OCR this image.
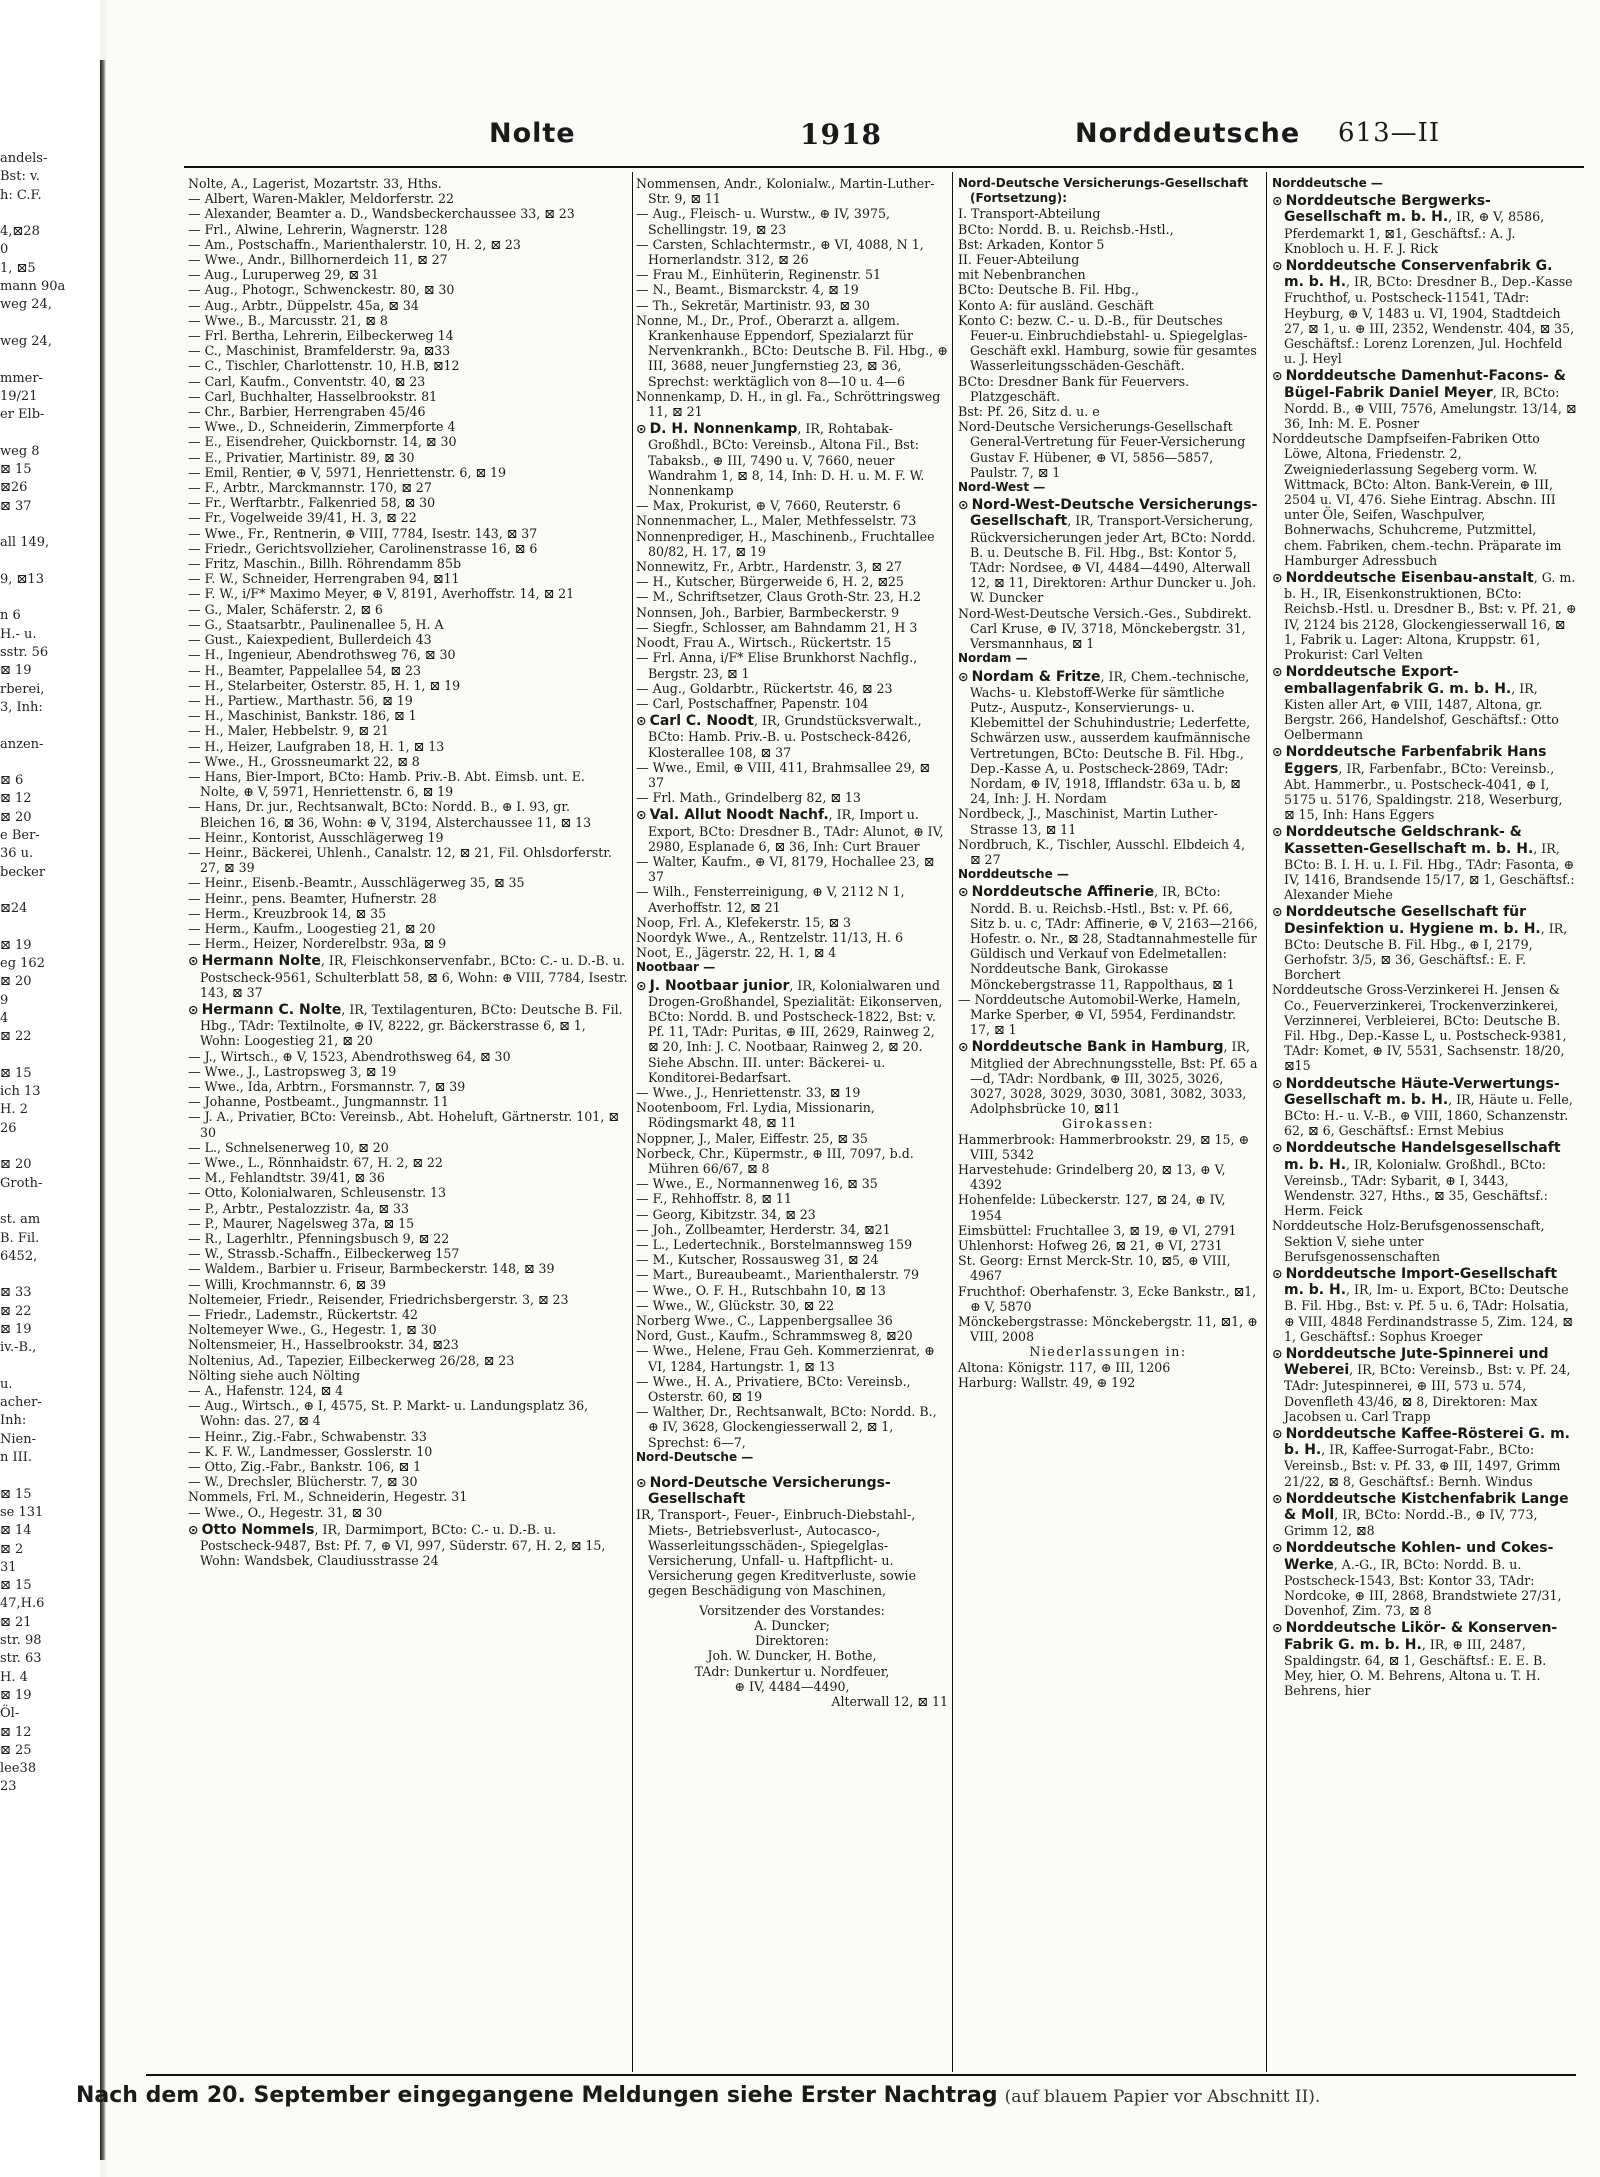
andels-
Bst: v.
h: C.F.
4,⊠28
0
1, ⊠5
mann 90a
weg 24,
weg 24,
mmer-
19/21
er Elb-
weg 8
⊠ 15
⊠26
⊠ 37
all 149,
9, ⊠13
n 6
H.- u.
sstr. 56
⊠ 19
rberei,
3, Inh:
anzen-
⊠ 6
⊠ 12
⊠ 20
e Ber-
36 u.
becker
⊠24
⊠ 19
eg 162
⊠ 20
9
4
⊠ 22
⊠ 15
ich 13
H. 2
26
⊠ 20
Groth-
st. am
B. Fil.
6452,
⊠ 33
⊠ 22
⊠ 19
iv.-B.,
u.
acher-
Inh:
Nien-
n III.
⊠ 15
se 131
⊠ 14
⊠ 2
31
⊠ 15
47,H.6
⊠ 21
str. 98
str. 63
H. 4
⊠ 19
Öl-
⊠ 12
⊠ 25
lee38
23
Nolte	1918	Norddeutsche 613—II
Nolte, A., Lagerist, Mozartstr. 33, Hths.
— Albert, Waren-Makler, Meldorferstr. 22
— Alexander, Beamter a. D., Wandsbeckerchaussee 33, ⊠ 23
— Frl., Alwine, Lehrerin, Wagnerstr. 128
— Am., Postschaffn., Marienthalerstr. 10, H. 2, ⊠ 23
— Wwe., Andr., Billhornerdeich 11, ⊠ 27
— Aug., Luruperweg 29, ⊠ 31
— Aug., Photogr., Schwenckestr. 80, ⊠ 30
— Aug., Arbtr., Düppelstr. 45a, ⊠ 34
— Wwe., B., Marcusstr. 21, ⊠ 8
— Frl. Bertha, Lehrerin, Eilbeckerweg 14
— C., Maschinist, Bramfelderstr. 9a, ⊠33
— C., Tischler, Charlottenstr. 10, H.B, ⊠12
— Carl, Kaufm., Conventstr. 40, ⊠ 23
— Carl, Buchhalter, Hasselbrookstr. 81
— Chr., Barbier, Herrengraben 45/46
— Wwe., D., Schneiderin, Zimmerpforte 4
— E., Eisendreher, Quickbornstr. 14, ⊠ 30
— E., Privatier, Martinistr. 89, ⊠ 30
— Emil, Rentier, ⊕ V, 5971, Henriettenstr. 6, ⊠ 19
— F., Arbtr., Marckmannstr. 170, ⊠ 27
— Fr., Werftarbtr., Falkenried 58, ⊠ 30
— Fr., Vogelweide 39/41, H. 3, ⊠ 22
— Wwe., Fr., Rentnerin, ⊕ VIII, 7784, Isestr. 143, ⊠ 37
— Friedr., Gerichtsvollzieher, Carolinenstrasse 16, ⊠ 6
— Fritz, Maschin., Billh. Röhrendamm 85b
— F. W., Schneider, Herrengraben 94, ⊠11
— F. W., i/F* Maximo Meyer, ⊕ V, 8191, Averhoffstr. 14, ⊠ 21
— G., Maler, Schäferstr. 2, ⊠ 6
— G., Staatsarbtr., Paulinenallee 5, H. A
— Gust., Kaiexpedient, Bullerdeich 43
— H., Ingenieur, Abendrothsweg 76, ⊠ 30
— H., Beamter, Pappelallee 54, ⊠ 23
— H., Stelarbeiter, Osterstr. 85, H. 1, ⊠ 19
— H., Partiew., Marthastr. 56, ⊠ 19
— H., Maschinist, Bankstr. 186, ⊠ 1
— H., Maler, Hebbelstr. 9, ⊠ 21
— H., Heizer, Laufgraben 18, H. 1, ⊠ 13
— Wwe., H., Grossneumarkt 22, ⊠ 8
— Hans, Bier-Import, BCto: Hamb. Priv.-B. Abt. Eimsb. unt. E. Nolte, ⊕ V, 5971, Henriettenstr. 6, ⊠ 19
— Hans, Dr. jur., Rechtsanwalt, BCto: Nordd. B., ⊕ I. 93, gr. Bleichen 16, ⊠ 36, Wohn: ⊕ V, 3194, Alsterchaussee 11, ⊠ 13
— Heinr., Kontorist, Ausschlägerweg 19
— Heinr., Bäckerei, Uhlenh., Canalstr. 12, ⊠ 21, Fil. Ohlsdorferstr. 27, ⊠ 39
— Heinr., Eisenb.-Beamtr., Ausschlägerweg 35, ⊠ 35
— Heinr., pens. Beamter, Hufnerstr. 28
— Herm., Kreuzbrook 14, ⊠ 35
— Herm., Kaufm., Loogestieg 21, ⊠ 20
— Herm., Heizer, Norderelbstr. 93a, ⊠ 9
⊙ Hermann Nolte, IR, Fleischkonservenfabr., BCto: C.- u. D.-B. u. Postscheck-9561, Schulterblatt 58, ⊠ 6, Wohn: ⊕ VIII, 7784, Isestr. 143, ⊠ 37
⊙ Hermann C. Nolte, IR, Textilagenturen, BCto: Deutsche B. Fil. Hbg., TAdr: Textilnolte, ⊕ IV, 8222, gr. Bäckerstrasse 6, ⊠ 1, Wohn: Loogestieg 21, ⊠ 20
— J., Wirtsch., ⊕ V, 1523, Abendrothsweg 64, ⊠ 30
— Wwe., J., Lastropsweg 3, ⊠ 19
— Wwe., Ida, Arbtrn., Forsmannstr. 7, ⊠ 39
— Johanne, Postbeamt., Jungmannstr. 11
— J. A., Privatier, BCto: Vereinsb., Abt. Hoheluft, Gärtnerstr. 101, ⊠ 30
— L., Schnelsenerweg 10, ⊠ 20
— Wwe., L., Rönnhaidstr. 67, H. 2, ⊠ 22
— M., Fehlandtstr. 39/41, ⊠ 36
— Otto, Kolonialwaren, Schleusenstr. 13
— P., Arbtr., Pestalozzistr. 4a, ⊠ 33
— P., Maurer, Nagelsweg 37a, ⊠ 15
— R., Lagerhltr., Pfenningsbusch 9, ⊠ 22
— W., Strassb.-Schaffn., Eilbeckerweg 157
— Waldem., Barbier u. Friseur, Barmbeckerstr. 148, ⊠ 39
— Willi, Krochmannstr. 6, ⊠ 39
Noltemeier, Friedr., Reisender, Friedrichsbergerstr. 3, ⊠ 23
— Friedr., Lademstr., Rückertstr. 42
Noltemeyer Wwe., G., Hegestr. 1, ⊠ 30
Noltensmeier, H., Hasselbrookstr. 34, ⊠23
Noltenius, Ad., Tapezier, Eilbeckerweg 26/28, ⊠ 23
Nölting siehe auch Nölting
— A., Hafenstr. 124, ⊠ 4
— Aug., Wirtsch., ⊕ I, 4575, St. P. Markt- u. Landungsplatz 36, Wohn: das. 27, ⊠ 4
— Heinr., Zig.-Fabr., Schwabenstr. 33
— K. F. W., Landmesser, Gosslerstr. 10
— Otto, Zig.-Fabr., Bankstr. 106, ⊠ 1
— W., Drechsler, Blücherstr. 7, ⊠ 30
Nommels, Frl. M., Schneiderin, Hegestr. 31
— Wwe., O., Hegestr. 31, ⊠ 30
⊙ Otto Nommels, IR, Darmimport, BCto: C.- u. D.-B. u. Postscheck-9487, Bst: Pf. 7, ⊕ VI, 997, Süderstr. 67, H. 2, ⊠ 15, Wohn: Wandsbek, Claudiusstrasse 24
Nommensen, Andr., Kolonialw., Martin-Luther-Str. 9, ⊠ 11
— Aug., Fleisch- u. Wurstw., ⊕ IV, 3975, Schellingstr. 19, ⊠ 23
— Carsten, Schlachtermstr., ⊕ VI, 4088, N 1, Hornerlandstr. 312, ⊠ 26
— Frau M., Einhüterin, Reginenstr. 51
— N., Beamt., Bismarckstr. 4, ⊠ 19
— Th., Sekretär, Martinistr. 93, ⊠ 30
Nonne, M., Dr., Prof., Oberarzt a. allgem. Krankenhause Eppendorf, Spezialarzt für Nervenkrankh., BCto: Deutsche B. Fil. Hbg., ⊕ III, 3688, neuer Jungfernstieg 23, ⊠ 36, Sprechst: werktäglich von 8—10 u. 4—6
Nonnenkamp, D. H., in gl. Fa., Schröttringsweg 11, ⊠ 21
⊙ D. H. Nonnenkamp, IR, Rohtabak-Großhdl., BCto: Vereinsb., Altona Fil., Bst: Tabaksb., ⊕ III, 7490 u. V, 7660, neuer Wandrahm 1, ⊠ 8, 14, Inh: D. H. u. M. F. W. Nonnenkamp
— Max, Prokurist, ⊕ V, 7660, Reuterstr. 6
Nonnenmacher, L., Maler, Methfesselstr. 73
Nonnenprediger, H., Maschinenb., Fruchtallee 80/82, H. 17, ⊠ 19
Nonnewitz, Fr., Arbtr., Hardenstr. 3, ⊠ 27
— H., Kutscher, Bürgerweide 6, H. 2, ⊠25
— M., Schriftsetzer, Claus Groth-Str. 23, H.2
Nonnsen, Joh., Barbier, Barmbeckerstr. 9
— Siegfr., Schlosser, am Bahndamm 21, H 3
Noodt, Frau A., Wirtsch., Rückertstr. 15
— Frl. Anna, i/F* Elise Brunkhorst Nachflg., Bergstr. 23, ⊠ 1
— Aug., Goldarbtr., Rückertstr. 46, ⊠ 23
— Carl, Postschaffner, Papenstr. 104
⊙ Carl C. Noodt, IR, Grundstücksverwalt., BCto: Hamb. Priv.-B. u. Postscheck-8426, Klosterallee 108, ⊠ 37
— Wwe., Emil, ⊕ VIII, 411, Brahmsallee 29, ⊠ 37
— Frl. Math., Grindelberg 82, ⊠ 13
⊙ Val. Allut Noodt Nachf., IR, Import u. Export, BCto: Dresdner B., TAdr: Alunot, ⊕ IV, 2980, Esplanade 6, ⊠ 36, Inh: Curt Brauer
— Walter, Kaufm., ⊕ VI, 8179, Hochallee 23, ⊠ 37
— Wilh., Fensterreinigung, ⊕ V, 2112 N 1, Averhoffstr. 12, ⊠ 21
Noop, Frl. A., Klefekerstr. 15, ⊠ 3
Noordyk Wwe., A., Rentzelstr. 11/13, H. 6
Noot, E., Jägerstr. 22, H. 1, ⊠ 4
Nootbaar —
⊙ J. Nootbaar junior, IR, Kolonialwaren und Drogen-Großhandel, Spezialität: Eikonserven, BCto: Nordd. B. und Postscheck-1822, Bst: v. Pf. 11, TAdr: Puritas, ⊕ III, 2629, Rainweg 2, ⊠ 20, Inh: J. C. Nootbaar, Rainweg 2, ⊠ 20. Siehe Abschn. III. unter: Bäckerei- u. Konditorei-Bedarfsart.
— Wwe., J., Henriettenstr. 33, ⊠ 19
Nootenboom, Frl. Lydia, Missionarin, Rödingsmarkt 48, ⊠ 11
Noppner, J., Maler, Eiffestr. 25, ⊠ 35
Norbeck, Chr., Küpermstr., ⊕ III, 7097, b.d. Mühren 66/67, ⊠ 8
— Wwe., E., Normannenweg 16, ⊠ 35
— F., Rehhoffstr. 8, ⊠ 11
— Georg, Kibitzstr. 34, ⊠ 23
— Joh., Zollbeamter, Herderstr. 34, ⊠21
— L., Ledertechnik., Borstelmannsweg 159
— M., Kutscher, Rossausweg 31, ⊠ 24
— Mart., Bureaubeamt., Marienthalerstr. 79
— Wwe., O. F. H., Rutschbahn 10, ⊠ 13
— Wwe., W., Glückstr. 30, ⊠ 22
Norberg Wwe., C., Lappenbergsallee 36
Nord, Gust., Kaufm., Schrammsweg 8, ⊠20
— Wwe., Helene, Frau Geh. Kommerzienrat, ⊕ VI, 1284, Hartungstr. 1, ⊠ 13
— Wwe., H. A., Privatiere, BCto: Vereinsb., Osterstr. 60, ⊠ 19
— Walther, Dr., Rechtsanwalt, BCto: Nordd. B., ⊕ IV, 3628, Glockengiesserwall 2, ⊠ 1, Sprechst: 6—7,
Nord-Deutsche —
⊙ Nord-Deutsche Versicherungs-Gesellschaft
IR, Transport-, Feuer-, Einbruch-Diebstahl-, Miets-, Betriebsverlust-, Autocasco-, Wasserleitungsschäden-, Spiegelglas-Versicherung, Unfall- u. Haftpflicht- u. Versicherung gegen Kreditverluste, sowie gegen Beschädigung von Maschinen,
Vorsitzender des Vorstandes:
A. Duncker;
Direktoren:
Joh. W. Duncker, H. Bothe,
TAdr: Dunkertur u. Nordfeuer,
⊕ IV, 4484—4490,
Alterwall 12, ⊠ 11
Nord-Deutsche Versicherungs-Gesellschaft (Fortsetzung):
I. Transport-Abteilung
BCto: Nordd. B. u. Reichsb.-Hstl.,
Bst: Arkaden, Kontor 5
II. Feuer-Abteilung
mit Nebenbranchen
BCto: Deutsche B. Fil. Hbg.,
Konto A: für ausländ. Geschäft
Konto C: bezw. C.- u. D.-B., für Deutsches Feuer-u. Einbruchdiebstahl- u. Spiegelglas-Geschäft exkl. Hamburg, sowie für gesamtes Wasserleitungsschäden-Geschäft.
BCto: Dresdner Bank für Feuervers. Platzgeschäft.
Bst: Pf. 26, Sitz d. u. e
Nord-Deutsche Versicherungs-Gesellschaft General-Vertretung für Feuer-Versicherung Gustav F. Hübener, ⊕ VI, 5856—5857, Paulstr. 7, ⊠ 1
Nord-West —
⊙ Nord-West-Deutsche Versicherungs-Gesellschaft, IR, Transport-Versicherung, Rückversicherungen jeder Art, BCto: Nordd. B. u. Deutsche B. Fil. Hbg., Bst: Kontor 5, TAdr: Nordsee, ⊕ VI, 4484—4490, Alterwall 12, ⊠ 11, Direktoren: Arthur Duncker u. Joh. W. Duncker
Nord-West-Deutsche Versich.-Ges., Subdirekt. Carl Kruse, ⊕ IV, 3718, Mönckebergstr. 31, Versmannhaus, ⊠ 1
Nordam —
⊙ Nordam & Fritze, IR, Chem.-technische, Wachs- u. Klebstoff-Werke für sämtliche Putz-, Ausputz-, Konservierungs- u. Klebemittel der Schuhindustrie; Lederfette, Schwärzen usw., ausserdem kaufmännische Vertretungen, BCto: Deutsche B. Fil. Hbg., Dep.-Kasse A, u. Postscheck-2869, TAdr: Nordam, ⊕ IV, 1918, Ifflandstr. 63a u. b, ⊠ 24, Inh: J. H. Nordam
Nordbeck, J., Maschinist, Martin Luther-Strasse 13, ⊠ 11
Nordbruch, K., Tischler, Ausschl. Elbdeich 4, ⊠ 27
Norddeutsche —
⊙ Norddeutsche Affinerie, IR, BCto: Nordd. B. u. Reichsb.-Hstl., Bst: v. Pf. 66, Sitz b. u. c, TAdr: Affinerie, ⊕ V, 2163—2166, Hofestr. o. Nr., ⊠ 28, Stadtannahmestelle für Güldisch und Verkauf von Edelmetallen: Norddeutsche Bank, Girokasse Mönckebergstrasse 11, Rappolthaus, ⊠ 1
— Norddeutsche Automobil-Werke, Hameln, Marke Sperber, ⊕ VI, 5954, Ferdinandstr. 17, ⊠ 1
⊙ Norddeutsche Bank in Hamburg, IR, Mitglied der Abrechnungsstelle, Bst: Pf. 65 a—d, TAdr: Nordbank, ⊕ III, 3025, 3026, 3027, 3028, 3029, 3030, 3081, 3082, 3033, Adolphsbrücke 10, ⊠11
Girokassen:
Hammerbrook: Hammerbrookstr. 29, ⊠ 15, ⊕ VIII, 5342
Harvestehude: Grindelberg 20, ⊠ 13, ⊕ V, 4392
Hohenfelde: Lübeckerstr. 127, ⊠ 24, ⊕ IV, 1954
Eimsbüttel: Fruchtallee 3, ⊠ 19, ⊕ VI, 2791
Uhlenhorst: Hofweg 26, ⊠ 21, ⊕ VI, 2731
St. Georg: Ernst Merck-Str. 10, ⊠5, ⊕ VIII, 4967
Fruchthof: Oberhafenstr. 3, Ecke Bankstr., ⊠1, ⊕ V, 5870
Mönckebergstrasse: Mönckebergstr. 11, ⊠1, ⊕ VIII, 2008
Niederlassungen in:
Altona: Königstr. 117, ⊕ III, 1206
Harburg: Wallstr. 49, ⊕ 192
Norddeutsche —
⊙ Norddeutsche Bergwerks-Gesellschaft m. b. H., IR, ⊕ V, 8586, Pferdemarkt 1, ⊠1, Geschäftsf.: A. J. Knobloch u. H. F. J. Rick
⊙ Norddeutsche Conservenfabrik G. m. b. H., IR, BCto: Dresdner B., Dep.-Kasse Fruchthof, u. Postscheck-11541, TAdr: Heyburg, ⊕ V, 1483 u. VI, 1904, Stadtdeich 27, ⊠ 1, u. ⊕ III, 2352, Wendenstr. 404, ⊠ 35, Geschäftsf.: Lorenz Lorenzen, Jul. Hochfeld u. J. Heyl
⊙ Norddeutsche Damenhut-Facons- & Bügel-Fabrik Daniel Meyer, IR, BCto: Nordd. B., ⊕ VIII, 7576, Amelungstr. 13/14, ⊠ 36, Inh: M. E. Posner
Norddeutsche Dampfseifen-Fabriken Otto Löwe, Altona, Friedenstr. 2, Zweigniederlassung Segeberg vorm. W. Wittmack, BCto: Alton. Bank-Verein, ⊕ III, 2504 u. VI, 476. Siehe Eintrag. Abschn. III unter Öle, Seifen, Waschpulver, Bohnerwachs, Schuhcreme, Putzmittel, chem. Fabriken, chem.-techn. Präparate im Hamburger Adressbuch
⊙ Norddeutsche Eisenbau-anstalt, G. m. b. H., IR, Eisenkonstruktionen, BCto: Reichsb.-Hstl. u. Dresdner B., Bst: v. Pf. 21, ⊕ IV, 2124 bis 2128, Glockengiesserwall 16, ⊠ 1, Fabrik u. Lager: Altona, Kruppstr. 61, Prokurist: Carl Velten
⊙ Norddeutsche Export-emballagenfabrik G. m. b. H., IR, Kisten aller Art, ⊕ VIII, 1487, Altona, gr. Bergstr. 266, Handelshof, Geschäftsf.: Otto Oelbermann
⊙ Norddeutsche Farbenfabrik Hans Eggers, IR, Farbenfabr., BCto: Vereinsb., Abt. Hammerbr., u. Postscheck-4041, ⊕ I, 5175 u. 5176, Spaldingstr. 218, Weserburg, ⊠ 15, Inh: Hans Eggers
⊙ Norddeutsche Geldschrank- & Kassetten-Gesellschaft m. b. H., IR, BCto: B. I. H. u. I. Fil. Hbg., TAdr: Fasonta, ⊕ IV, 1416, Brandsende 15/17, ⊠ 1, Geschäftsf.: Alexander Miehe
⊙ Norddeutsche Gesellschaft für Desinfektion u. Hygiene m. b. H., IR, BCto: Deutsche B. Fil. Hbg., ⊕ I, 2179, Gerhofstr. 3/5, ⊠ 36, Geschäftsf.: E. F. Borchert
Norddeutsche Gross-Verzinkerei H. Jensen & Co., Feuerverzinkerei, Trockenverzinkerei, Verzinnerei, Verbleierei, BCto: Deutsche B. Fil. Hbg., Dep.-Kasse L, u. Postscheck-9381, TAdr: Komet, ⊕ IV, 5531, Sachsenstr. 18/20, ⊠15
⊙ Norddeutsche Häute-Verwertungs-Gesellschaft m. b. H., IR, Häute u. Felle, BCto: H.- u. V.-B., ⊕ VIII, 1860, Schanzenstr. 62, ⊠ 6, Geschäftsf.: Ernst Mebius
⊙ Norddeutsche Handelsgesellschaft m. b. H., IR, Kolonialw. Großhdl., BCto: Vereinsb., TAdr: Sybarit, ⊕ I, 3443, Wendenstr. 327, Hths., ⊠ 35, Geschäftsf.: Herm. Feick
Norddeutsche Holz-Berufsgenossenschaft, Sektion V, siehe unter Berufsgenossenschaften
⊙ Norddeutsche Import-Gesellschaft m. b. H., IR, Im- u. Export, BCto: Deutsche B. Fil. Hbg., Bst: v. Pf. 5 u. 6, TAdr: Holsatia, ⊕ VIII, 4848 Ferdinandstrasse 5, Zim. 124, ⊠ 1, Geschäftsf.: Sophus Kroeger
⊙ Norddeutsche Jute-Spinnerei und Weberei, IR, BCto: Vereinsb., Bst: v. Pf. 24, TAdr: Jutespinnerei, ⊕ III, 573 u. 574, Dovenfleth 43/46, ⊠ 8, Direktoren: Max Jacobsen u. Carl Trapp
⊙ Norddeutsche Kaffee-Rösterei G. m. b. H., IR, Kaffee-Surrogat-Fabr., BCto: Vereinsb., Bst: v. Pf. 33, ⊕ III, 1497, Grimm 21/22, ⊠ 8, Geschäftsf.: Bernh. Windus
⊙ Norddeutsche Kistchenfabrik Lange & Moll, IR, BCto: Nordd.-B., ⊕ IV, 773, Grimm 12, ⊠8
⊙ Norddeutsche Kohlen- und Cokes-Werke, A.-G., IR, BCto: Nordd. B. u. Postscheck-1543, Bst: Kontor 33, TAdr: Nordcoke, ⊕ III, 2868, Brandstwiete 27/31, Dovenhof, Zim. 73, ⊠ 8
⊙ Norddeutsche Likör- & Konserven-Fabrik G. m. b. H., IR, ⊕ III, 2487, Spaldingstr. 64, ⊠ 1, Geschäftsf.: E. E. B. Mey, hier, O. M. Behrens, Altona u. T. H. Behrens, hier
Nach dem 20. September eingegangene Meldungen siehe Erster Nachtrag (auf blauem Papier vor Abschnitt II).
